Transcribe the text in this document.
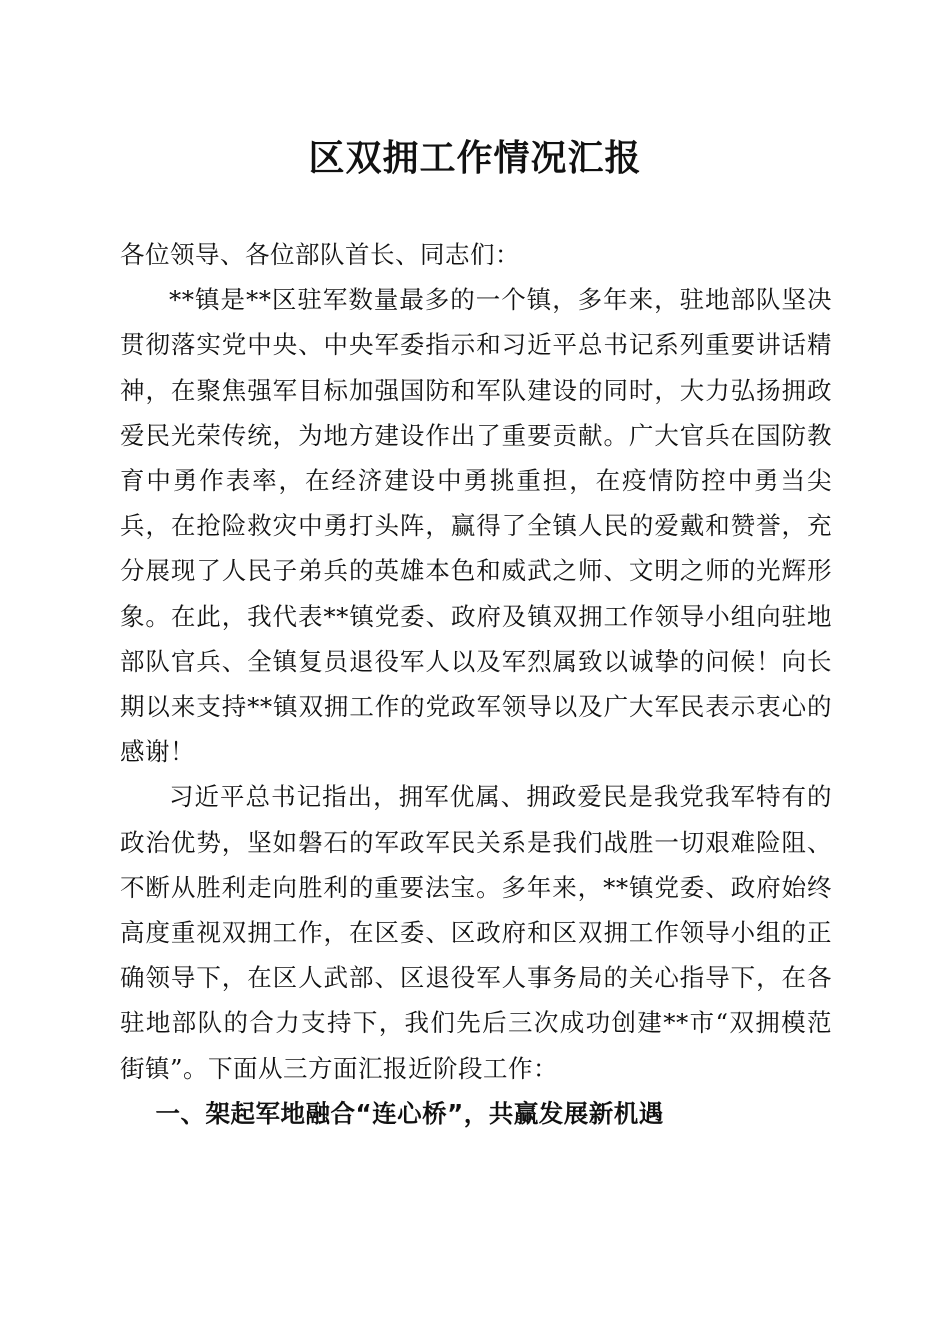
区双拥工作情况汇报

各位领导、各位部队首长、同志们：

**镇是**区驻军数量最多的一个镇，多年来，驻地部队坚决贯彻落实党中央、中央军委指示和习近平总书记系列重要讲话精神，在聚焦强军目标加强国防和军队建设的同时，大力弘扬拥政爱民光荣传统，为地方建设作出了重要贡献。广大官兵在国防教育中勇作表率，在经济建设中勇挑重担，在疫情防控中勇当尖兵，在抢险救灾中勇打头阵，赢得了全镇人民的爱戴和赞誉，充分展现了人民子弟兵的英雄本色和威武之师、文明之师的光辉形象。在此，我代表**镇党委、政府及镇双拥工作领导小组向驻地部队官兵、全镇复员退役军人以及军烈属致以诚挚的问候！向长期以来支持**镇双拥工作的党政军领导以及广大军民表示衷心的感谢！

习近平总书记指出，拥军优属、拥政爱民是我党我军特有的政治优势，坚如磐石的军政军民关系是我们战胜一切艰难险阻、不断从胜利走向胜利的重要法宝。多年来，**镇党委、政府始终高度重视双拥工作，在区委、区政府和区双拥工作领导小组的正确领导下，在区人武部、区退役军人事务局的关心指导下，在各驻地部队的合力支持下，我们先后三次成功创建**市“双拥模范街镇”。下面从三方面汇报近阶段工作：

一、架起军地融合“连心桥”，共赢发展新机遇
